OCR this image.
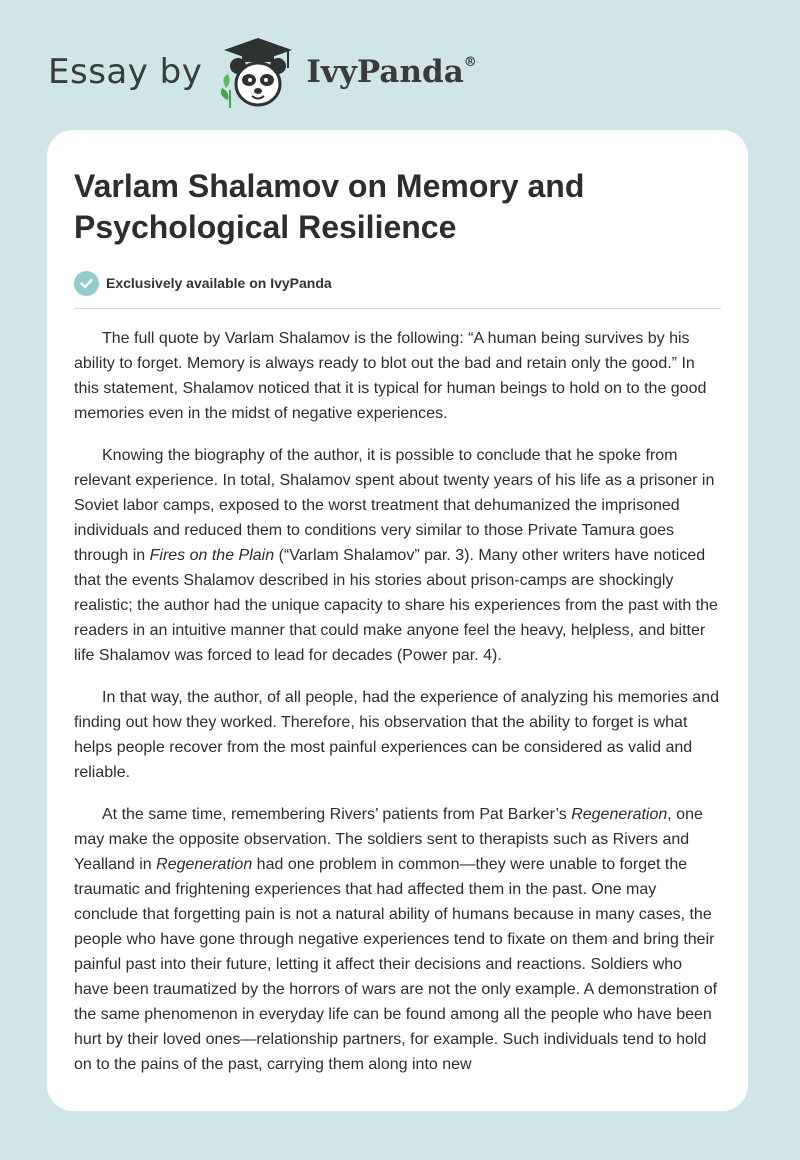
Essay by	IvyPanda®
Varlam Shalamov on Memory and Psychological Resilience
Exclusively available on IvyPanda

The full quote by Varlam Shalamov is the following: “A human being survives by his ability to forget. Memory is always ready to blot out the bad and retain only the good.” In this statement, Shalamov noticed that it is typical for human beings to hold on to the good memories even in the midst of negative experiences.

Knowing the biography of the author, it is possible to conclude that he spoke from relevant experience. In total, Shalamov spent about twenty years of his life as a prisoner in Soviet labor camps, exposed to the worst treatment that dehumanized the imprisoned individuals and reduced them to conditions very similar to those Private Tamura goes through in Fires on the Plain (“Varlam Shalamov” par. 3). Many other writers have noticed that the events Shalamov described in his stories about prison-camps are shockingly realistic; the author had the unique capacity to share his experiences from the past with the readers in an intuitive manner that could make anyone feel the heavy, helpless, and bitter life Shalamov was forced to lead for decades (Power par. 4).

In that way, the author, of all people, had the experience of analyzing his memories and finding out how they worked. Therefore, his observation that the ability to forget is what helps people recover from the most painful experiences can be considered as valid and reliable.

At the same time, remembering Rivers’ patients from Pat Barker’s Regeneration, one may make the opposite observation. The soldiers sent to therapists such as Rivers and Yealland in Regeneration had one problem in common—they were unable to forget the traumatic and frightening experiences that had affected them in the past. One may conclude that forgetting pain is not a natural ability of humans because in many cases, the people who have gone through negative experiences tend to fixate on them and bring their painful past into their future, letting it affect their decisions and reactions. Soldiers who have been traumatized by the horrors of wars are not the only example. A demonstration of the same phenomenon in everyday life can be found among all the people who have been hurt by their loved ones—relationship partners, for example. Such individuals tend to hold on to the pains of the past, carrying them along into new
